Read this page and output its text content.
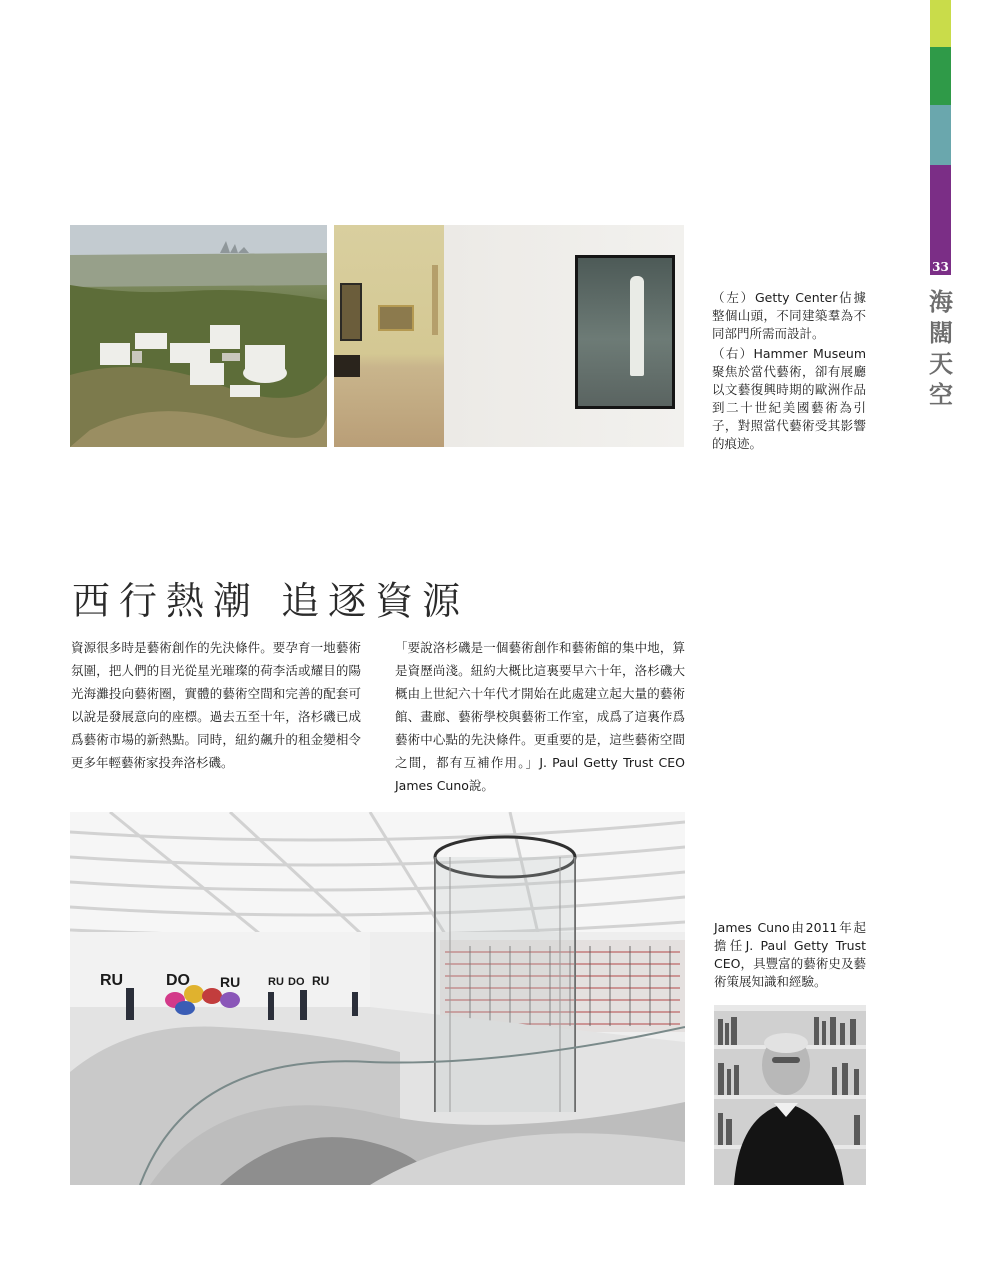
33
海
闊
天
空

（左）Getty Center佔據整個山頭，不同建築羣為不同部門所需而設計。

（右）Hammer Museum聚焦於當代藝術，卻有展廳以文藝復興時期的歐洲作品到二十世紀美國藝術為引子，對照當代藝術受其影響的痕迹。

西行熱潮 追逐資源
資源很多時是藝術創作的先決條件。要孕育一地藝術氛圍，把人們的目光從星光璀璨的荷李活或耀目的陽光海灘投向藝術圈，實體的藝術空間和完善的配套可以說是發展意向的座標。過去五至十年，洛杉磯已成爲藝術市場的新熱點。同時，紐約飆升的租金變相令更多年輕藝術家投奔洛杉磯。
「要說洛杉磯是一個藝術創作和藝術館的集中地，算是資歷尚淺。紐約大概比這裏要早六十年，洛杉磯大概由上世紀六十年代才開始在此處建立起大量的藝術館、畫廊、藝術學校與藝術工作室，成爲了這裏作爲藝術中心點的先決條件。更重要的是，這些藝術空間之間，都有互補作用。」J. Paul Getty Trust CEO James Cuno說。
RU	DO RU	RU DO RU
James Cuno由2011年起擔任J. Paul Getty Trust CEO，具豐富的藝術史及藝術策展知識和經驗。
